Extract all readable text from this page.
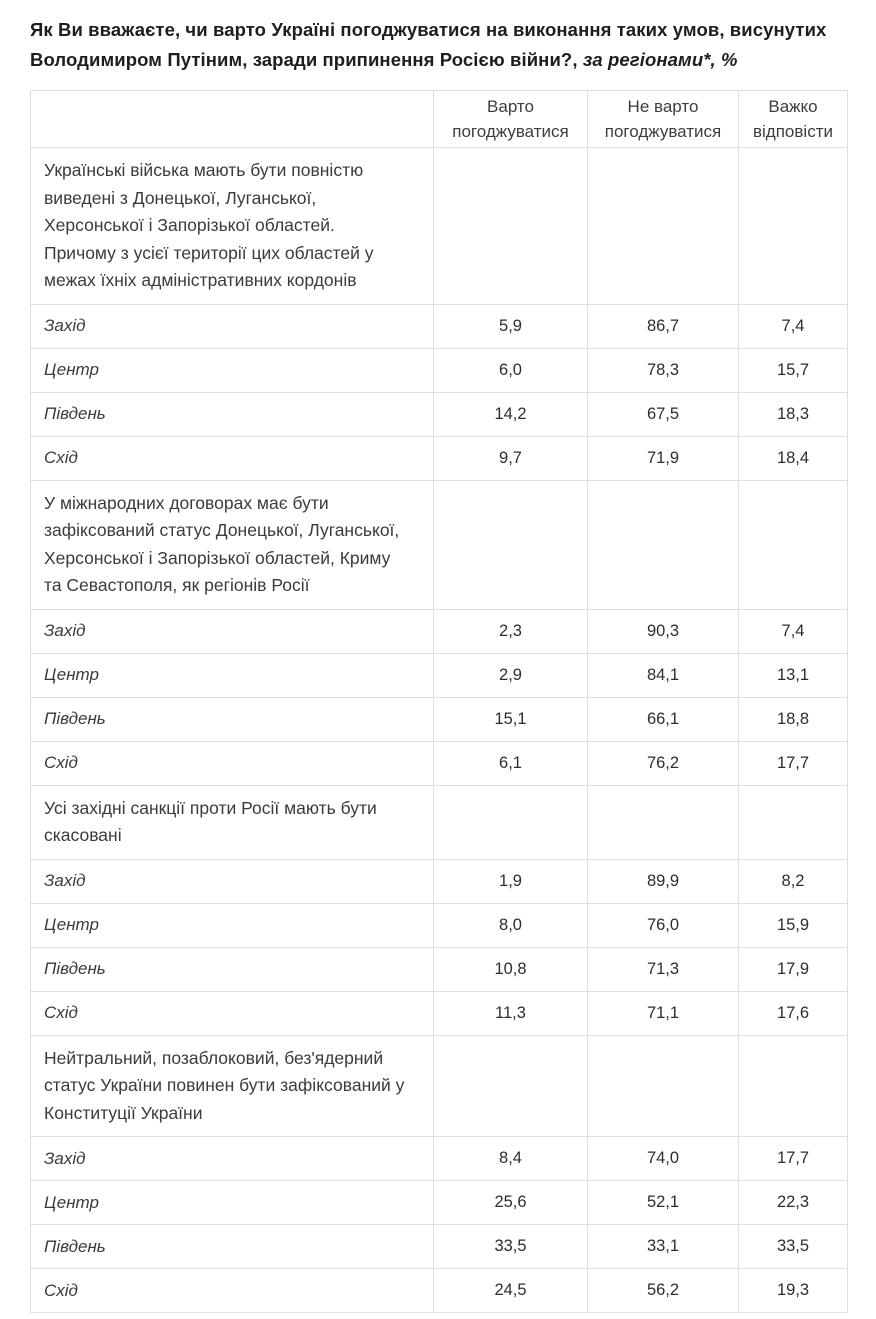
Як Ви вважаєте, чи варто Україні погоджуватися на виконання таких умов, висунутих Володимиром Путіним, заради припинення Росією війни?, за регіонами*, %
	Варто погоджуватися	Не варто погоджуватися	Важко відповісти
Українські війська мають бути повністю виведені з Донецької, Луганської, Херсонської і Запорізької областей. Причому з усієї території цих областей у межах їхніх адміністративних кордонів			
Захід	5,9	86,7	7,4
Центр	6,0	78,3	15,7
Південь	14,2	67,5	18,3
Схід	9,7	71,9	18,4
У міжнародних договорах має бути зафіксований статус Донецької, Луганської, Херсонської і Запорізької областей, Криму та Севастополя, як регіонів Росії			
Захід	2,3	90,3	7,4
Центр	2,9	84,1	13,1
Південь	15,1	66,1	18,8
Схід	6,1	76,2	17,7
Усі західні санкції проти Росії мають бути скасовані			
Захід	1,9	89,9	8,2
Центр	8,0	76,0	15,9
Південь	10,8	71,3	17,9
Схід	11,3	71,1	17,6
Нейтральний, позаблоковий, без'ядерний статус України повинен бути зафіксований у Конституції України			
Захід	8,4	74,0	17,7
Центр	25,6	52,1	22,3
Південь	33,5	33,1	33,5
Схід	24,5	56,2	19,3
